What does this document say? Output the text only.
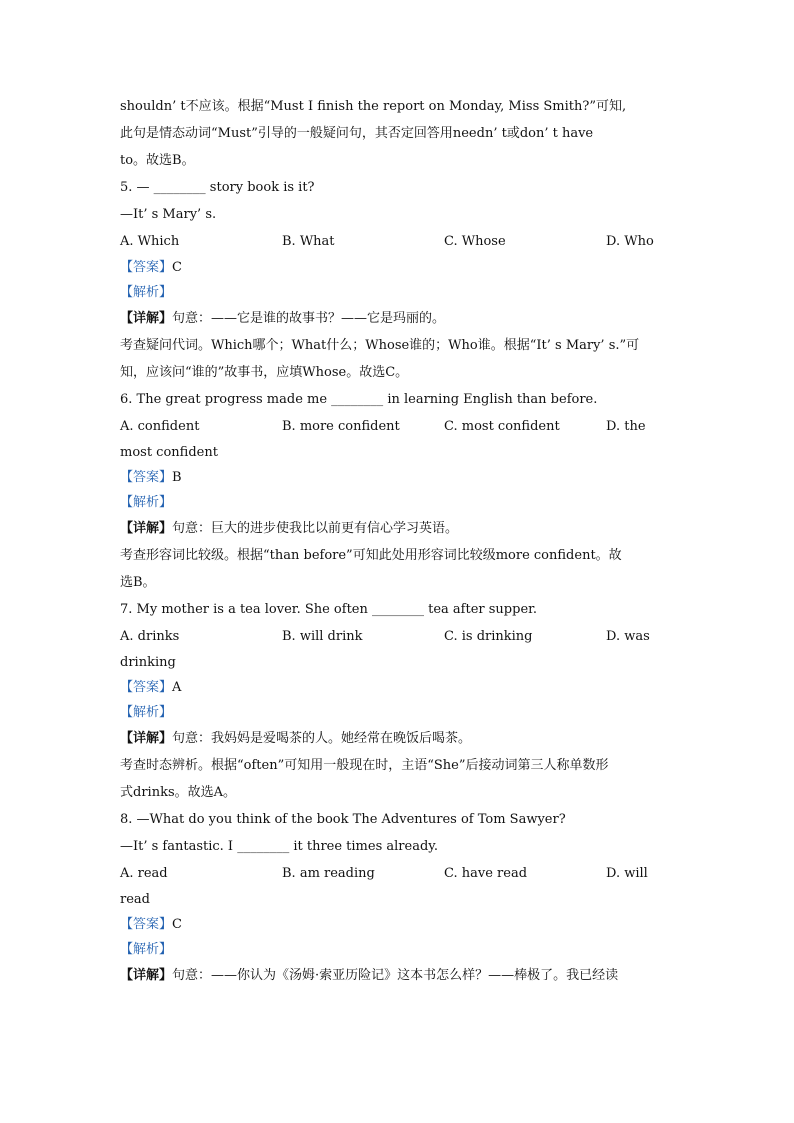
shouldn’ t不应该。根据“Must I finish the report on Monday, Miss Smith?”可知,
此句是情态动词“Must”引导的一般疑问句，其否定回答用needn’ t或don’ t have
to。故选B。
5. — ________ story book is it?
—It’ s Mary’ s.
A. Which	B. What	C. Whose	D. Who
【答案】C
【解析】
【详解】句意：——它是谁的故事书？——它是玛丽的。
考查疑问代词。Which哪个；What什么；Whose谁的；Who谁。根据“It’ s Mary’ s.”可
知，应该问“谁的”故事书，应填Whose。故选C。
6. The great progress made me ________ in learning English than before.
A. confident	B. more confident	C. most confident	D. the
most confident
【答案】B
【解析】
【详解】句意：巨大的进步使我比以前更有信心学习英语。
考查形容词比较级。根据“than before”可知此处用形容词比较级more confident。故
选B。
7. My mother is a tea lover. She often ________ tea after supper.
A. drinks	B. will drink	C. is drinking	D. was
drinking
【答案】A
【解析】
【详解】句意：我妈妈是爱喝茶的人。她经常在晚饭后喝茶。
考查时态辨析。根据“often”可知用一般现在时，主语“She”后接动词第三人称单数形
式drinks。故选A。
8. —What do you think of the book The Adventures of Tom Sawyer?
—It’ s fantastic. I ________ it three times already.
A. read	B. am reading	C. have read	D. will
read
【答案】C
【解析】
【详解】句意：——你认为《汤姆·索亚历险记》这本书怎么样？——棒极了。我已经读
